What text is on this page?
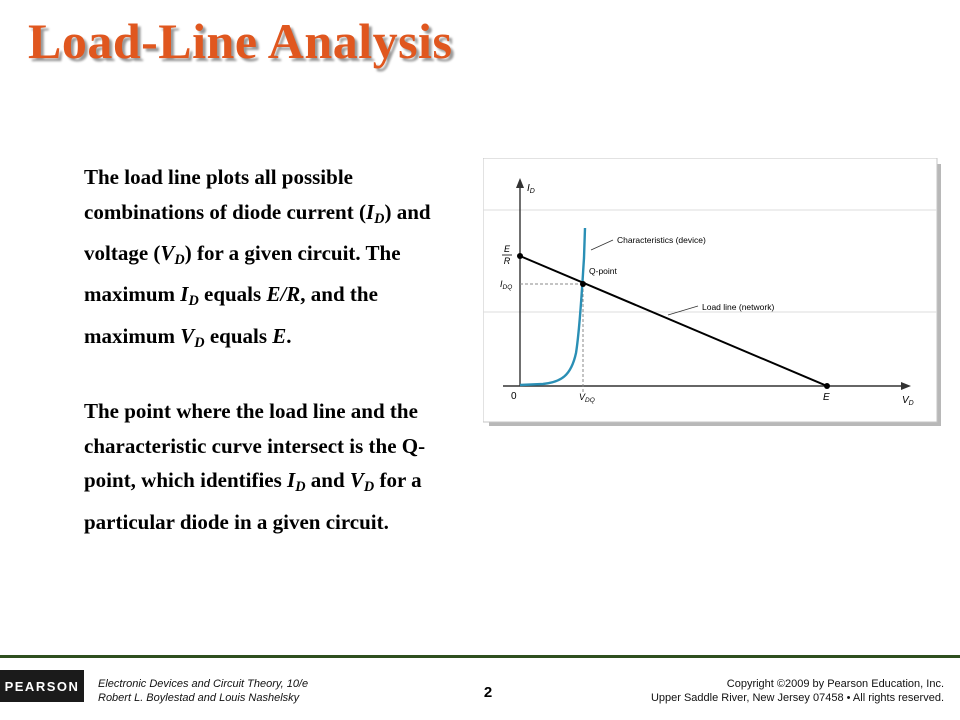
Load-Line Analysis

The load line plots all possible combinations of diode current $(I_D)$ and voltage $(V_D)$ for a given circuit. The maximum $I_D$ equals E/R, and the maximum $V_D$ equals E.

The point where the load line and the characteristic curve intersect is the Q-point, which identifies $I_D$ and $V_D$ for a particular diode in a given circuit.

$I_D$
$V_D$
0
E
R
$I_{DQ}$
$V_{DQ}$	E
Characteristics (device)
Q-point
Load line (network)
PEARSON	Electronic Devices and Circuit Theory, 10/e
Robert L. Boylestad and Louis Nashelsky	2	Copyright ©2009 by Pearson Education, Inc.
Upper Saddle River, New Jersey 07458 • All rights reserved.
